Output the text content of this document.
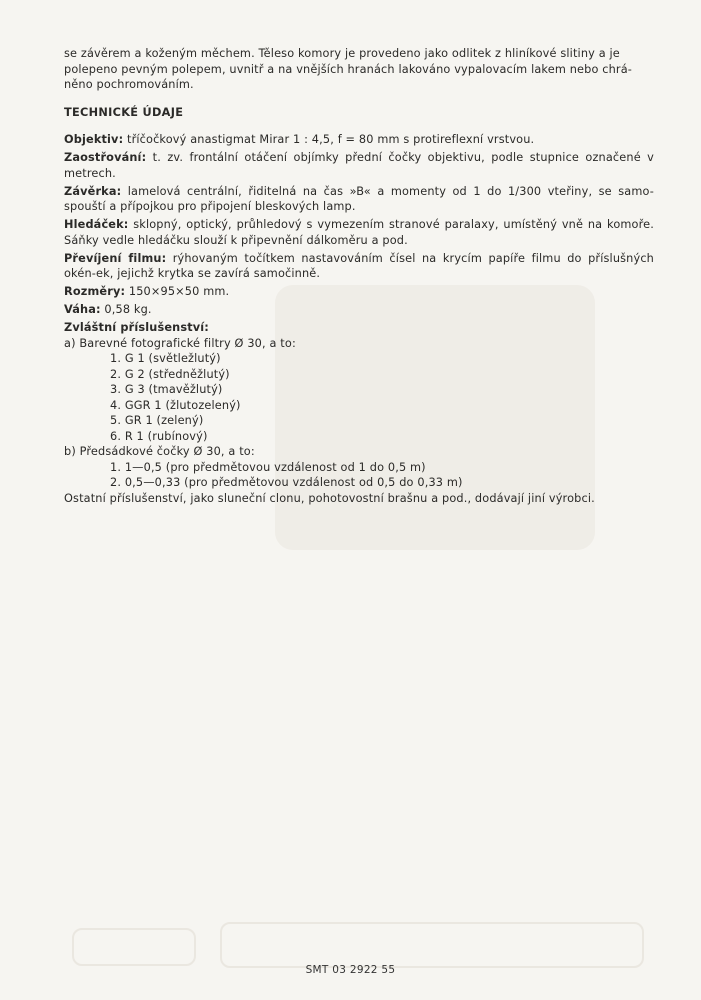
se závěrem a koženým měchem. Těleso komory je provedeno jako odlitek z hliníkové slitiny a je polepeno pevným polepem, uvnitř a na vnějších hranách lakováno vypalovacím lakem nebo chrá-něno pochromováním.
TECHNICKÉ ÚDAJE

Objektiv: tříčočkový anastigmat Mirar 1 : 4,5, f = 80 mm s protireflexní vrstvou.

Zaostřování: t. zv. frontální otáčení objímky přední čočky objektivu, podle stupnice označené v metrech.

Závěrka: lamelová centrální, řiditelná na čas »B« a momenty od 1 do 1/300 vteřiny, se samo-spouští a přípojkou pro připojení bleskových lamp.

Hledáček: sklopný, optický, průhledový s vymezením stranové paralaxy, umístěný vně na komoře. Sáňky vedle hledáčku slouží k připevnění dálkoměru a pod.

Převíjení filmu: rýhovaným točítkem nastavováním čísel na krycím papíře filmu do příslušných okén-ek, jejichž krytka se zavírá samočinně.

Rozměry: 150×95×50 mm.

Váha: 0,58 kg.

Zvláštní příslušenství:

a) Barevné fotografické filtry Ø 30, a to:

1. G 1 (světležlutý)

2. G 2 (středněžlutý)

3. G 3 (tmavěžlutý)

4. GGR 1 (žlutozelený)

5. GR 1 (zelený)

6. R 1 (rubínový)

b) Předsádkové čočky Ø 30, a to:

1. 1—0,5 (pro předmětovou vzdálenost od 1 do 0,5 m)

2. 0,5—0,33 (pro předmětovou vzdálenost od 0,5 do 0,33 m)

Ostatní příslušenství, jako sluneční clonu, pohotovostní brašnu a pod., dodávají jiní výrobci.

SMT 03 2922 55
